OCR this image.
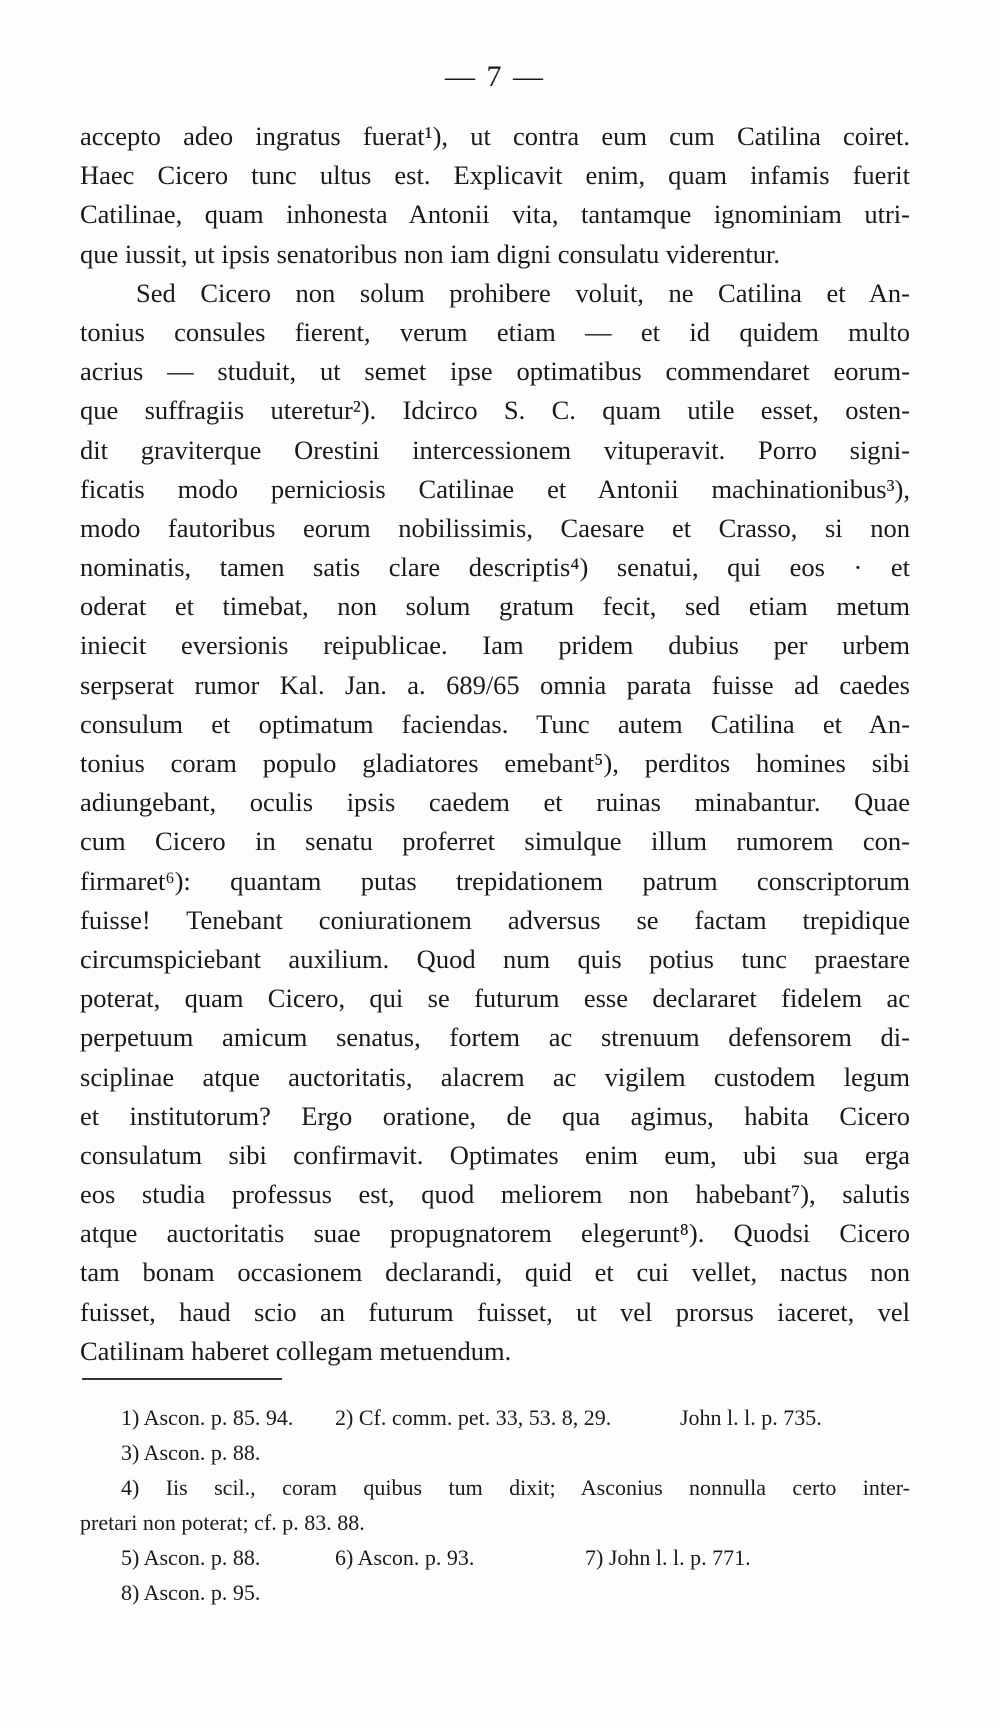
— 7 —
accepto adeo ingratus fuerat¹), ut contra eum cum Catilina coiret.
Haec Cicero tunc ultus est. Explicavit enim, quam infamis fuerit
Catilinae, quam inhonesta Antonii vita, tantamque ignominiam utri-
que iussit, ut ipsis senatoribus non iam digni consulatu viderentur.
Sed Cicero non solum prohibere voluit, ne Catilina et An-
tonius consules fierent, verum etiam — et id quidem multo
acrius — studuit, ut semet ipse optimatibus commendaret eorum-
que suffragiis uteretur²). Idcirco S. C. quam utile esset, osten-
dit graviterque Orestini intercessionem vituperavit. Porro signi-
ficatis modo perniciosis Catilinae et Antonii machinationibus³),
modo fautoribus eorum nobilissimis, Caesare et Crasso, si non
nominatis, tamen satis clare descriptis⁴) senatui, qui eos · et
oderat et timebat, non solum gratum fecit, sed etiam metum
iniecit eversionis reipublicae. Iam pridem dubius per urbem
serpserat rumor Kal. Jan. a. 689/65 omnia parata fuisse ad caedes
consulum et optimatum faciendas. Tunc autem Catilina et An-
tonius coram populo gladiatores emebant⁵), perditos homines sibi
adiungebant, oculis ipsis caedem et ruinas minabantur. Quae
cum Cicero in senatu proferret simulque illum rumorem con-
firmaret⁶): quantam putas trepidationem patrum conscriptorum
fuisse! Tenebant coniurationem adversus se factam trepidique
circumspiciebant auxilium. Quod num quis potius tunc praestare
poterat, quam Cicero, qui se futurum esse declararet fidelem ac
perpetuum amicum senatus, fortem ac strenuum defensorem di-
sciplinae atque auctoritatis, alacrem ac vigilem custodem legum
et institutorum? Ergo oratione, de qua agimus, habita Cicero
consulatum sibi confirmavit. Optimates enim eum, ubi sua erga
eos studia professus est, quod meliorem non habebant⁷), salutis
atque auctoritatis suae propugnatorem elegerunt⁸). Quodsi Cicero
tam bonam occasionem declarandi, quid et cui vellet, nactus non
fuisset, haud scio an futurum fuisset, ut vel prorsus iaceret, vel
Catilinam haberet collegam metuendum.
1) Ascon. p. 85. 94. 2) Cf. comm. pet. 33, 53. 8, 29.	John l. l. p. 735.
3) Ascon. p. 88.
4) Iis scil., coram quibus tum dixit; Asconius nonnulla certo inter-
pretari non poterat; cf. p. 83. 88.
5) Ascon. p. 88.	6) Ascon. p. 93.	7) John l. l. p. 771.
8) Ascon. p. 95.
